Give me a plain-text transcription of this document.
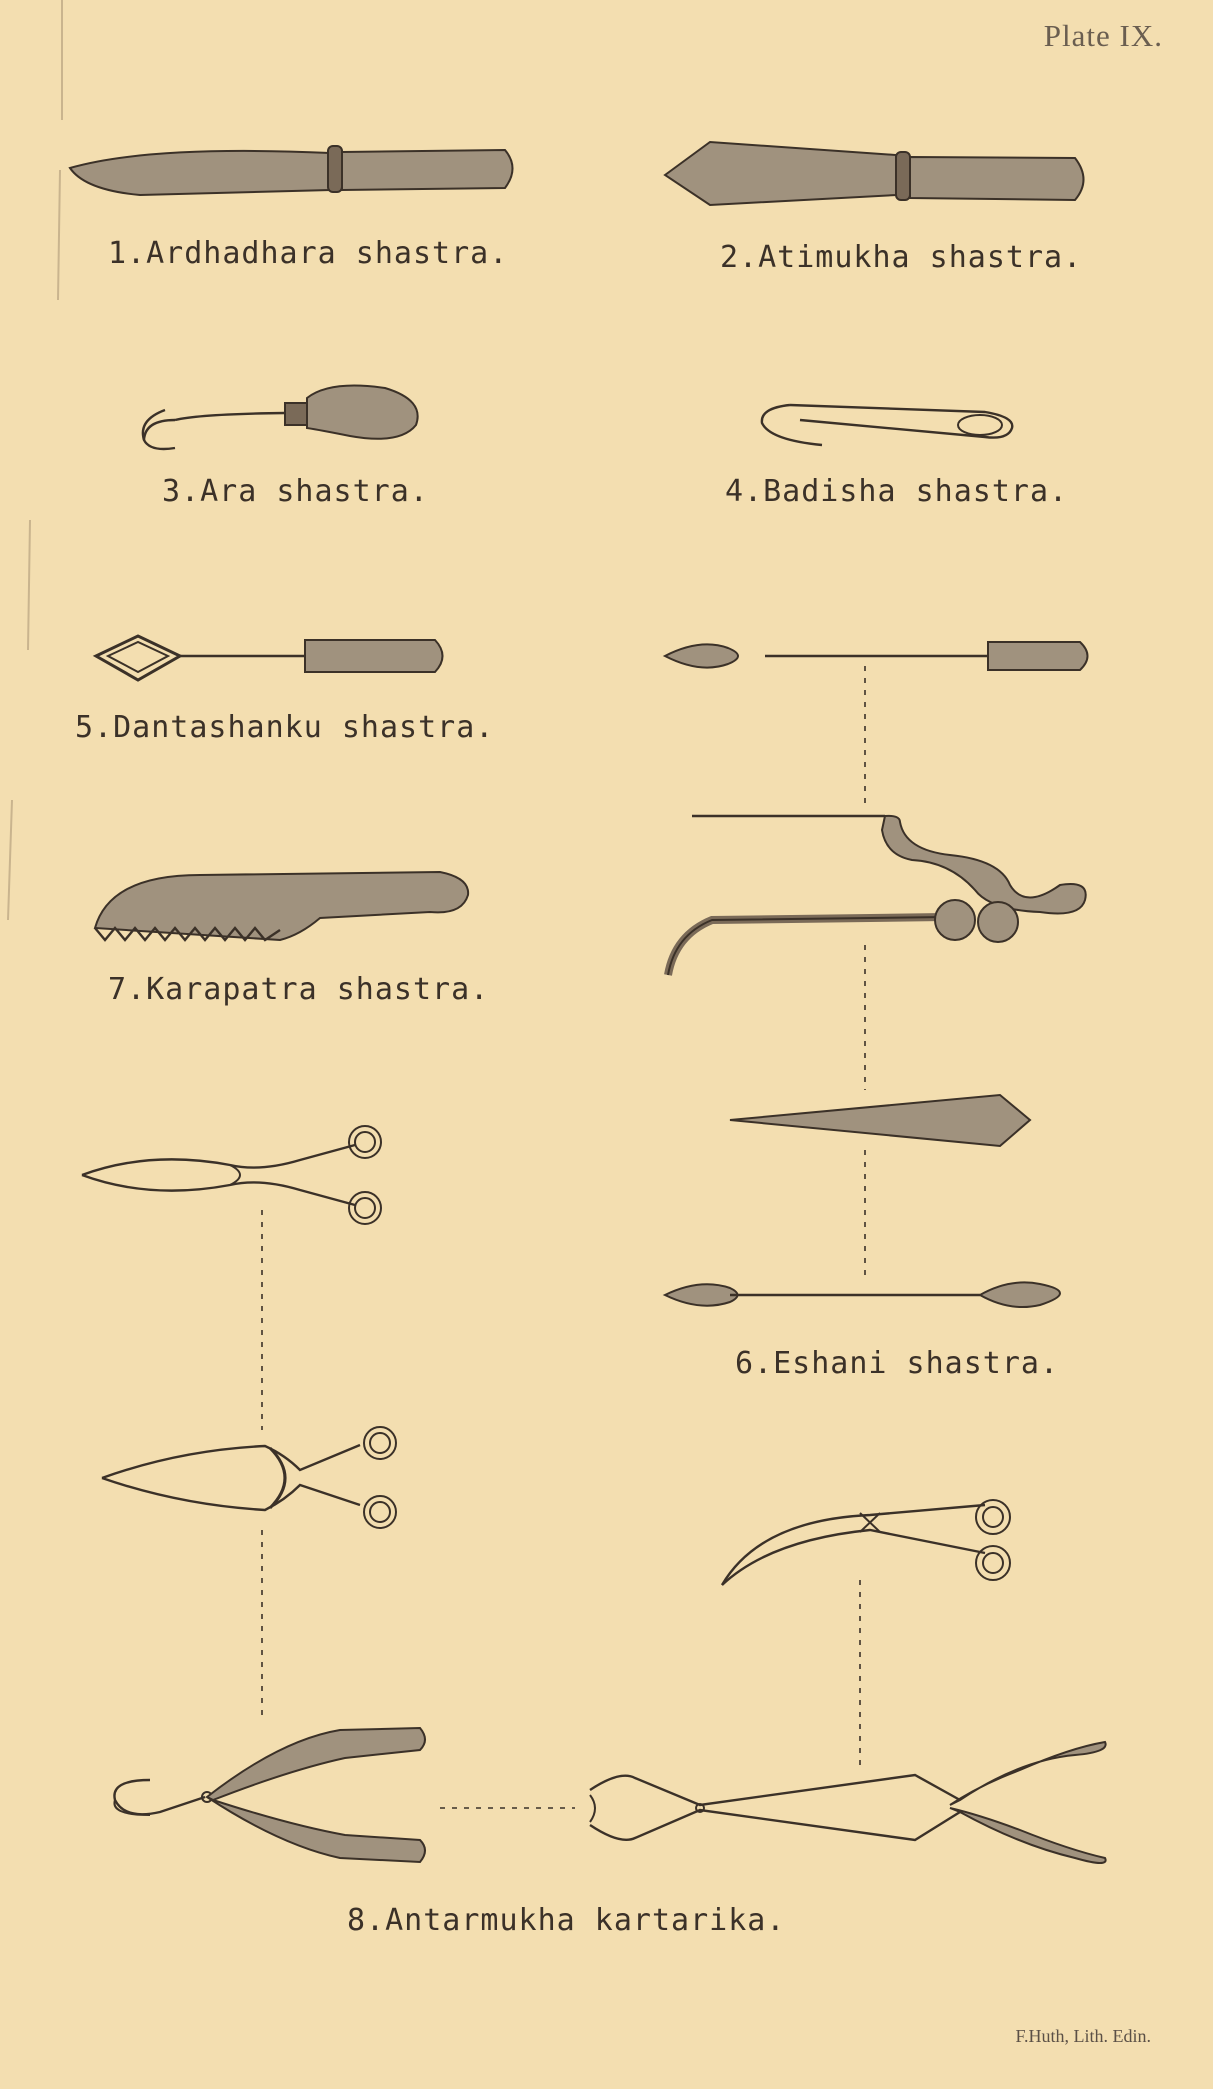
Plate IX.
1.Ardhadhara shastra.	2.Atimukha shastra.
3.Ara shastra.	4.Badisha shastra.
5.Dantashanku shastra.
7.Karapatra shastra.
6.Eshani shastra.
8.Antarmukha kartarika.
F.Huth, Lith. Edin.
